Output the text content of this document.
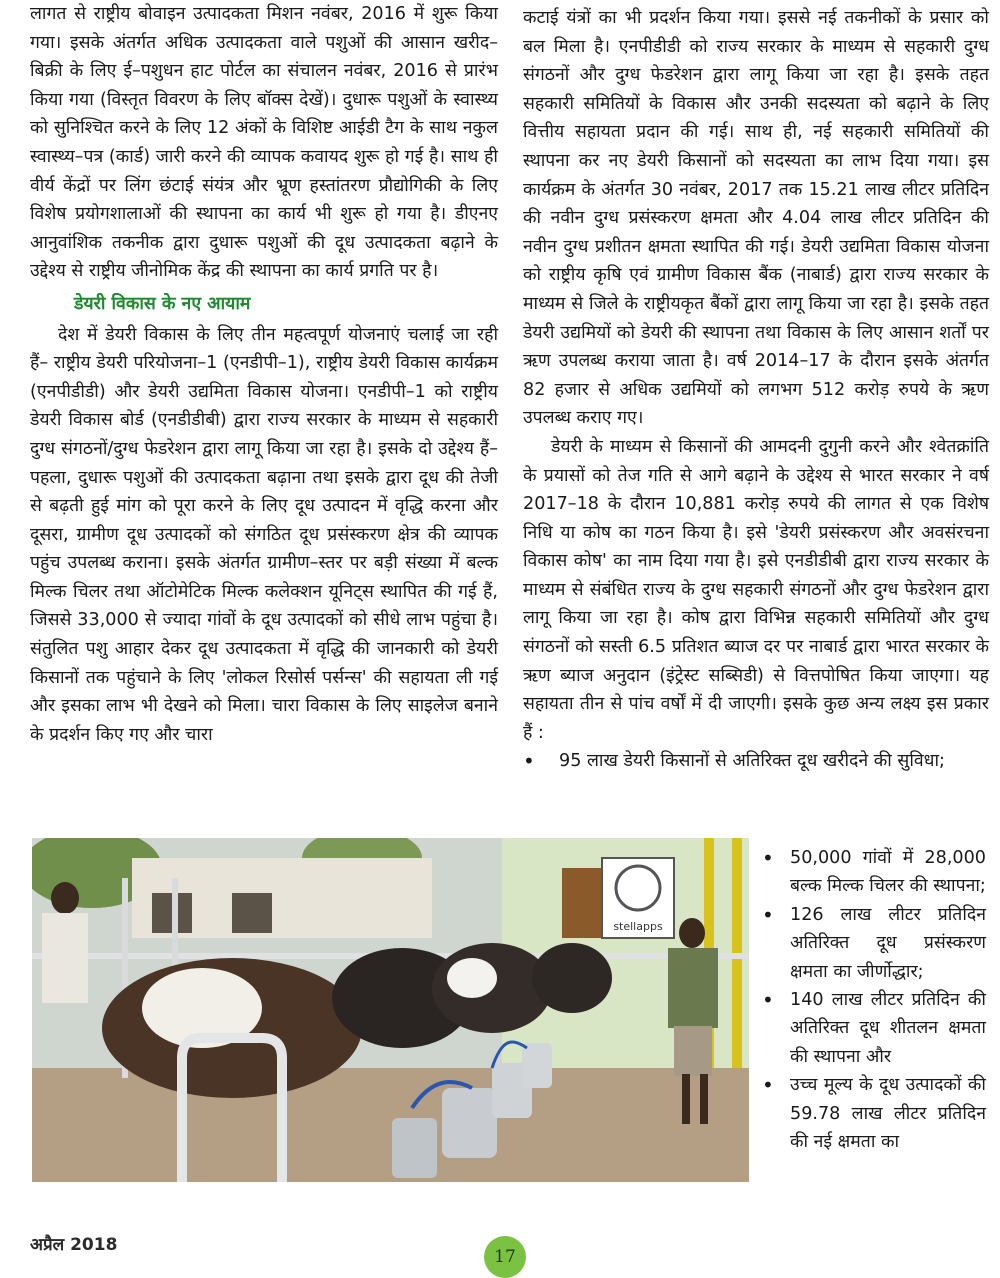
लागत से राष्ट्रीय बोवाइन उत्पादकता मिशन नवंबर, 2016 में शुरू किया गया। इसके अंतर्गत अधिक उत्पादकता वाले पशुओं की आसान खरीद–बिक्री के लिए ई–पशुधन हाट पोर्टल का संचालन नवंबर, 2016 से प्रारंभ किया गया (विस्तृत विवरण के लिए बॉक्स देखें)। दुधारू पशुओं के स्वास्थ्य को सुनिश्चित करने के लिए 12 अंकों के विशिष्ट आईडी टैग के साथ नकुल स्वास्थ्य–पत्र (कार्ड) जारी करने की व्यापक कवायद शुरू हो गई है। साथ ही वीर्य केंद्रों पर लिंग छंटाई संयंत्र और भ्रूण हस्तांतरण प्रौद्योगिकी के लिए विशेष प्रयोगशालाओं की स्थापना का कार्य भी शुरू हो गया है। डीएनए आनुवांशिक तकनीक द्वारा दुधारू पशुओं की दूध उत्पादकता बढ़ाने के उद्देश्य से राष्ट्रीय जीनोमिक केंद्र की स्थापना का कार्य प्रगति पर है।

डेयरी विकास के नए आयाम

देश में डेयरी विकास के लिए तीन महत्वपूर्ण योजनाएं चलाई जा रही हैं– राष्ट्रीय डेयरी परियोजना–1 (एनडीपी–1), राष्ट्रीय डेयरी विकास कार्यक्रम (एनपीडीडी) और डेयरी उद्यमिता विकास योजना। एनडीपी–1 को राष्ट्रीय डेयरी विकास बोर्ड (एनडीडीबी) द्वारा राज्य सरकार के माध्यम से सहकारी दुग्ध संगठनों/दुग्ध फेडरेशन द्वारा लागू किया जा रहा है। इसके दो उद्देश्य हैं– पहला, दुधारू पशुओं की उत्पादकता बढ़ाना तथा इसके द्वारा दूध की तेजी से बढ़ती हुई मांग को पूरा करने के लिए दूध उत्पादन में वृद्धि करना और दूसरा, ग्रामीण दूध उत्पादकों को संगठित दूध प्रसंस्करण क्षेत्र की व्यापक पहुंच उपलब्ध कराना। इसके अंतर्गत ग्रामीण–स्तर पर बड़ी संख्या में बल्क मिल्क चिलर तथा ऑटोमेटिक मिल्क कलेक्शन यूनिट्स स्थापित की गई हैं, जिससे 33,000 से ज्यादा गांवों के दूध उत्पादकों को सीधे लाभ पहुंचा है। संतुलित पशु आहार देकर दूध उत्पादकता में वृद्धि की जानकारी को डेयरी किसानों तक पहुंचाने के लिए 'लोकल रिसोर्स पर्सन्स' की सहायता ली गई और इसका लाभ भी देखने को मिला। चारा विकास के लिए साइलेज बनाने के प्रदर्शन किए गए और चारा

कटाई यंत्रों का भी प्रदर्शन किया गया। इससे नई तकनीकों के प्रसार को बल मिला है। एनपीडीडी को राज्य सरकार के माध्यम से सहकारी दुग्ध संगठनों और दुग्ध फेडरेशन द्वारा लागू किया जा रहा है। इसके तहत सहकारी समितियों के विकास और उनकी सदस्यता को बढ़ाने के लिए वित्तीय सहायता प्रदान की गई। साथ ही, नई सहकारी समितियों की स्थापना कर नए डेयरी किसानों को सदस्यता का लाभ दिया गया। इस कार्यक्रम के अंतर्गत 30 नवंबर, 2017 तक 15.21 लाख लीटर प्रतिदिन की नवीन दुग्ध प्रसंस्करण क्षमता और 4.04 लाख लीटर प्रतिदिन की नवीन दुग्ध प्रशीतन क्षमता स्थापित की गई। डेयरी उद्यमिता विकास योजना को राष्ट्रीय कृषि एवं ग्रामीण विकास बैंक (नाबार्ड) द्वारा राज्य सरकार के माध्यम से जिले के राष्ट्रीयकृत बैंकों द्वारा लागू किया जा रहा है। इसके तहत डेयरी उद्यमियों को डेयरी की स्थापना तथा विकास के लिए आसान शर्तों पर ऋण उपलब्ध कराया जाता है। वर्ष 2014–17 के दौरान इसके अंतर्गत 82 हजार से अधिक उद्यमियों को लगभग 512 करोड़ रुपये के ऋण उपलब्ध कराए गए।

डेयरी के माध्यम से किसानों की आमदनी दुगुनी करने और श्वेतक्रांति के प्रयासों को तेज गति से आगे बढ़ाने के उद्देश्य से भारत सरकार ने वर्ष 2017–18 के दौरान 10,881 करोड़ रुपये की लागत से एक विशेष निधि या कोष का गठन किया है। इसे 'डेयरी प्रसंस्करण और अवसंरचना विकास कोष' का नाम दिया गया है। इसे एनडीडीबी द्वारा राज्य सरकार के माध्यम से संबंधित राज्य के दुग्ध सहकारी संगठनों और दुग्ध फेडरेशन द्वारा लागू किया जा रहा है। कोष द्वारा विभिन्न सहकारी समितियों और दुग्ध संगठनों को सस्ती 6.5 प्रतिशत ब्याज दर पर नाबार्ड द्वारा भारत सरकार के ऋण ब्याज अनुदान (इंट्रेस्ट सब्सिडी) से वित्तपोषित किया जाएगा। यह सहायता तीन से पांच वर्षों में दी जाएगी। इसके कुछ अन्य लक्ष्य इस प्रकार हैं :

• 95 लाख डेयरी किसानों से अतिरिक्त दूध खरीदने की सुविधा;
stellapps
• 50,000 गांवों में 28,000 बल्क मिल्क चिलर की स्थापना;
• 126 लाख लीटर प्रतिदिन अतिरिक्त दूध प्रसंस्करण क्षमता का जीर्णोद्धार;
• 140 लाख लीटर प्रतिदिन की अतिरिक्त दूध शीतलन क्षमता की स्थापना और
• उच्च मूल्य के दूध उत्पादकों की 59.78 लाख लीटर प्रतिदिन की नई क्षमता का
अप्रैल 2018
17
